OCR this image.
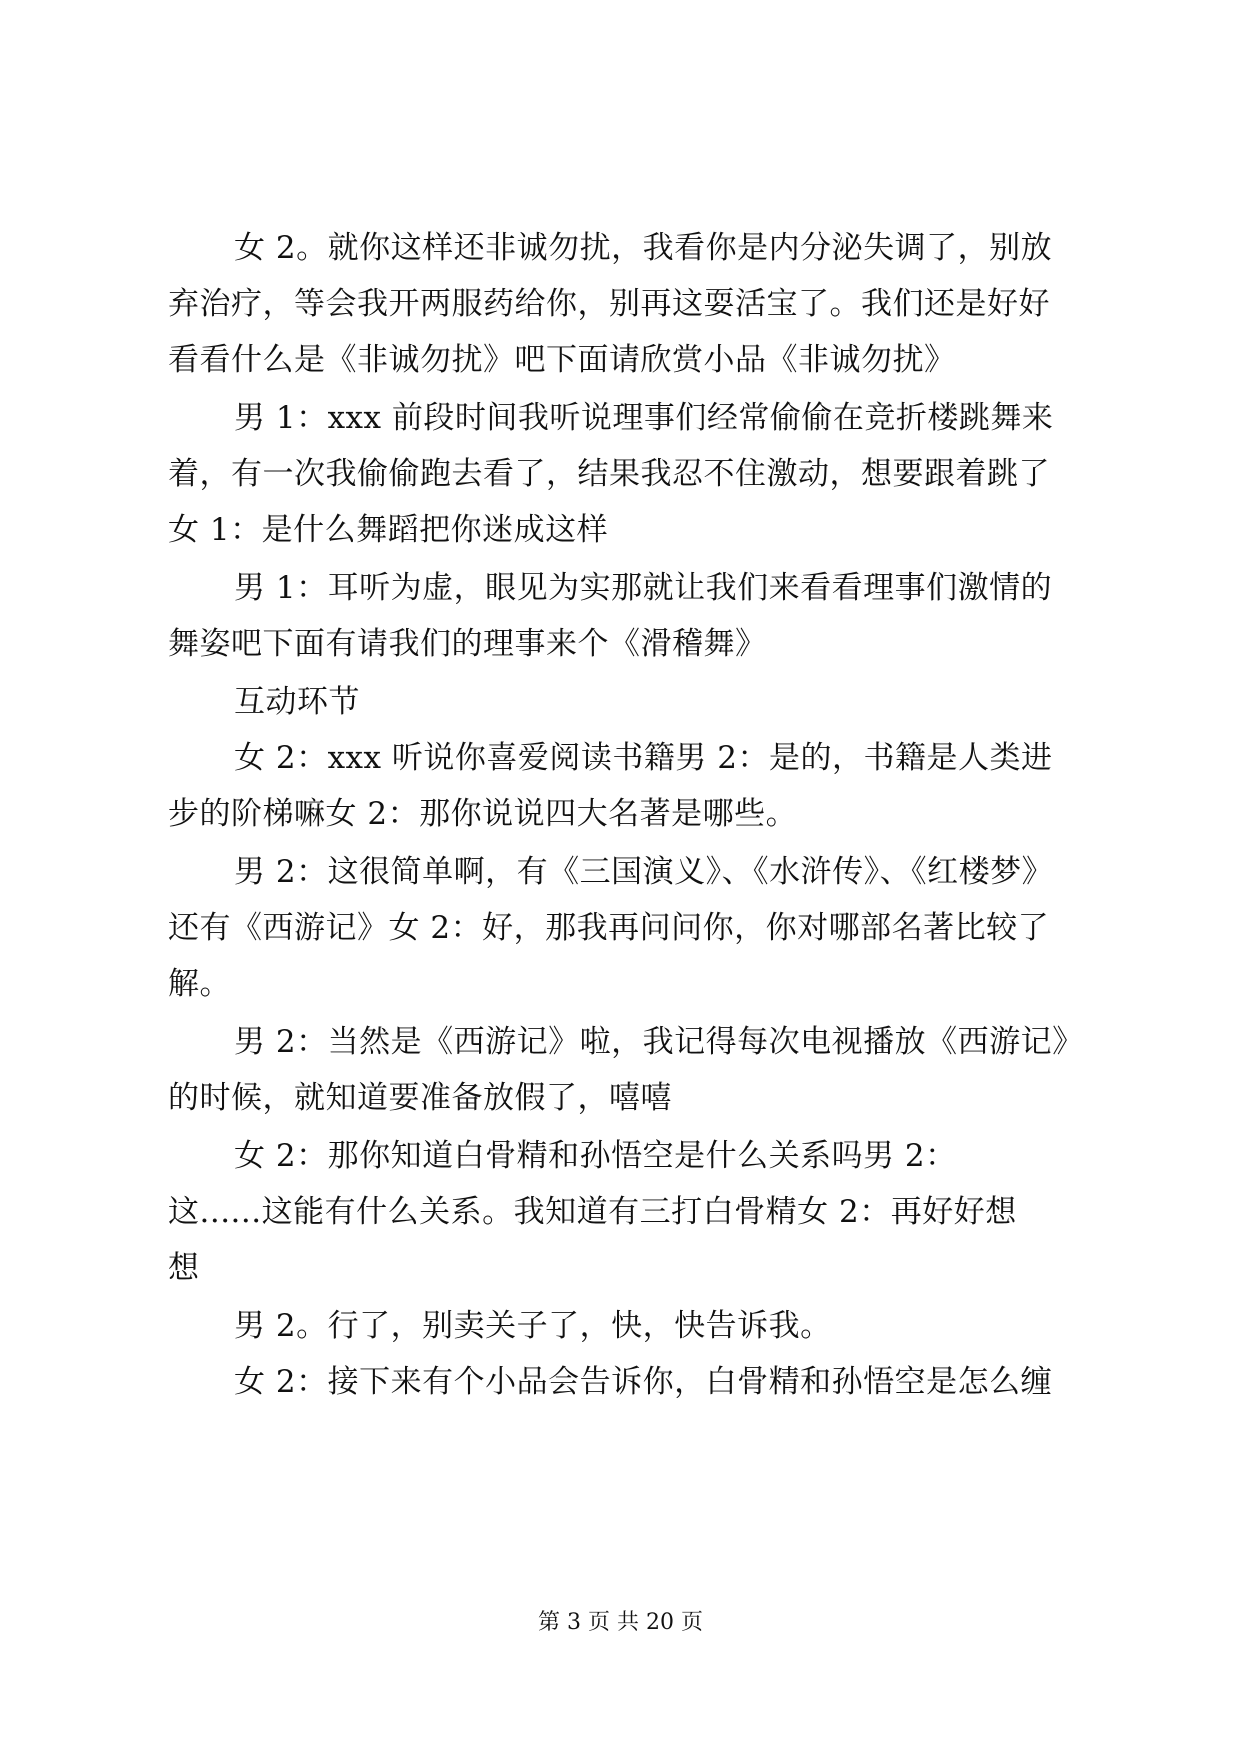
女 2。就你这样还非诚勿扰，我看你是内分泌失调了，别放
弃治疗，等会我开两服药给你，别再这耍活宝了。我们还是好好
看看什么是《非诚勿扰》吧下面请欣赏小品《非诚勿扰》
男 1：xxx 前段时间我听说理事们经常偷偷在竞折楼跳舞来
着，有一次我偷偷跑去看了，结果我忍不住激动，想要跟着跳了
女 1：是什么舞蹈把你迷成这样
男 1：耳听为虚，眼见为实那就让我们来看看理事们激情的
舞姿吧下面有请我们的理事来个《滑稽舞》
互动环节
女 2：xxx 听说你喜爱阅读书籍男 2：是的，书籍是人类进
步的阶梯嘛女 2：那你说说四大名著是哪些。
男 2：这很简单啊，有《三国演义》、《水浒传》、《红楼梦》
还有《西游记》女 2：好，那我再问问你，你对哪部名著比较了
解。
男 2：当然是《西游记》啦，我记得每次电视播放《西游记》
的时候，就知道要准备放假了，嘻嘻
女 2：那你知道白骨精和孙悟空是什么关系吗男 2：
这......这能有什么关系。我知道有三打白骨精女 2：再好好想
想
男 2。行了，别卖关子了，快，快告诉我。
女 2：接下来有个小品会告诉你，白骨精和孙悟空是怎么缠
第 3 页 共 20 页
